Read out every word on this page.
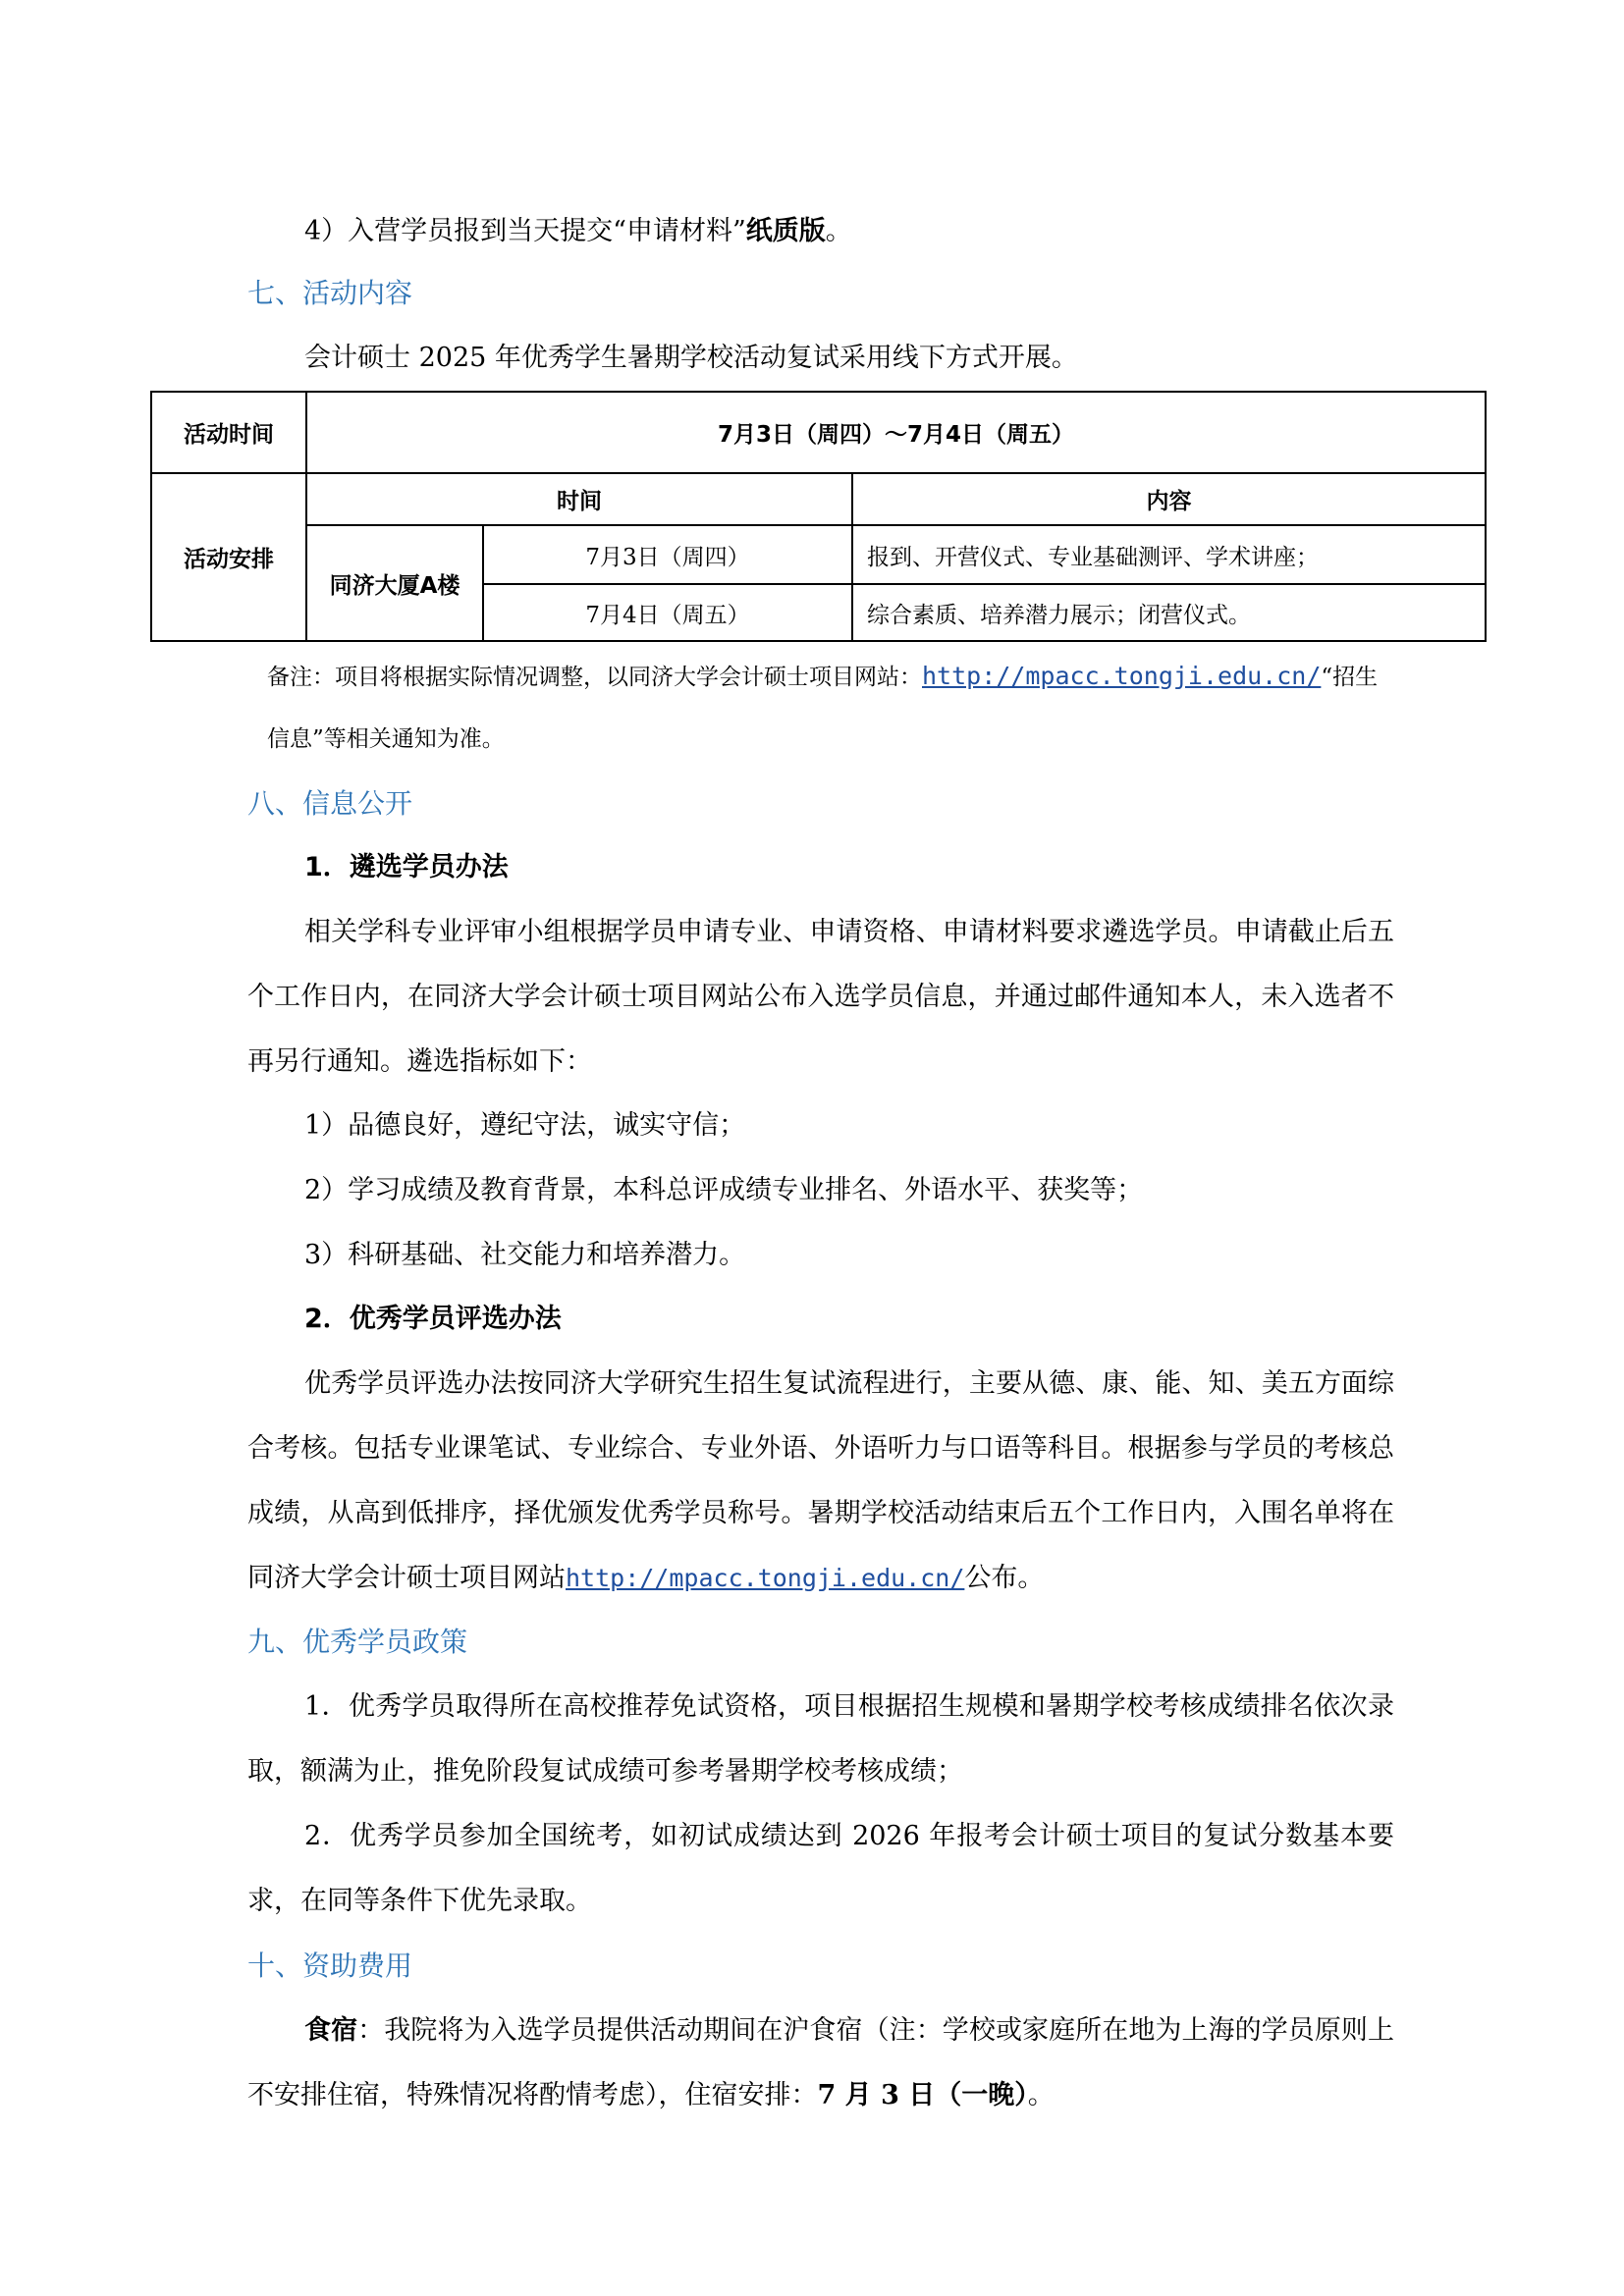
4）入营学员报到当天提交“申请材料”纸质版。
七、活动内容
会计硕士 2025 年优秀学生暑期学校活动复试采用线下方式开展。
活动时间	7月3日（周四）～7月4日（周五）		
活动安排	时间		内容
	同济大厦A楼	7月3日（周四）	报到、开营仪式、专业基础测评、学术讲座；
		7月4日（周五）	综合素质、培养潜力展示；闭营仪式。
备注：项目将根据实际情况调整，以同济大学会计硕士项目网站：http://mpacc.tongji.edu.cn/“招生
信息”等相关通知为准。
八、信息公开
1．遴选学员办法
相关学科专业评审小组根据学员申请专业、申请资格、申请材料要求遴选学员。申请截止后五个工作日内，在同济大学会计硕士项目网站公布入选学员信息，并通过邮件通知本人，未入选者不再另行通知。遴选指标如下：
1）品德良好，遵纪守法，诚实守信；
2）学习成绩及教育背景，本科总评成绩专业排名、外语水平、获奖等；
3）科研基础、社交能力和培养潜力。
2．优秀学员评选办法
优秀学员评选办法按同济大学研究生招生复试流程进行，主要从德、康、能、知、美五方面综合考核。包括专业课笔试、专业综合、专业外语、外语听力与口语等科目。根据参与学员的考核总成绩，从高到低排序，择优颁发优秀学员称号。暑期学校活动结束后五个工作日内，入围名单将在同济大学会计硕士项目网站http://mpacc.tongji.edu.cn/公布。
九、优秀学员政策
1．优秀学员取得所在高校推荐免试资格，项目根据招生规模和暑期学校考核成绩排名依次录取，额满为止，推免阶段复试成绩可参考暑期学校考核成绩；
2．优秀学员参加全国统考，如初试成绩达到 2026 年报考会计硕士项目的复试分数基本要求，在同等条件下优先录取。
十、资助费用
食宿：我院将为入选学员提供活动期间在沪食宿（注：学校或家庭所在地为上海的学员原则上不安排住宿，特殊情况将酌情考虑），住宿安排：7 月 3 日（一晚）。
